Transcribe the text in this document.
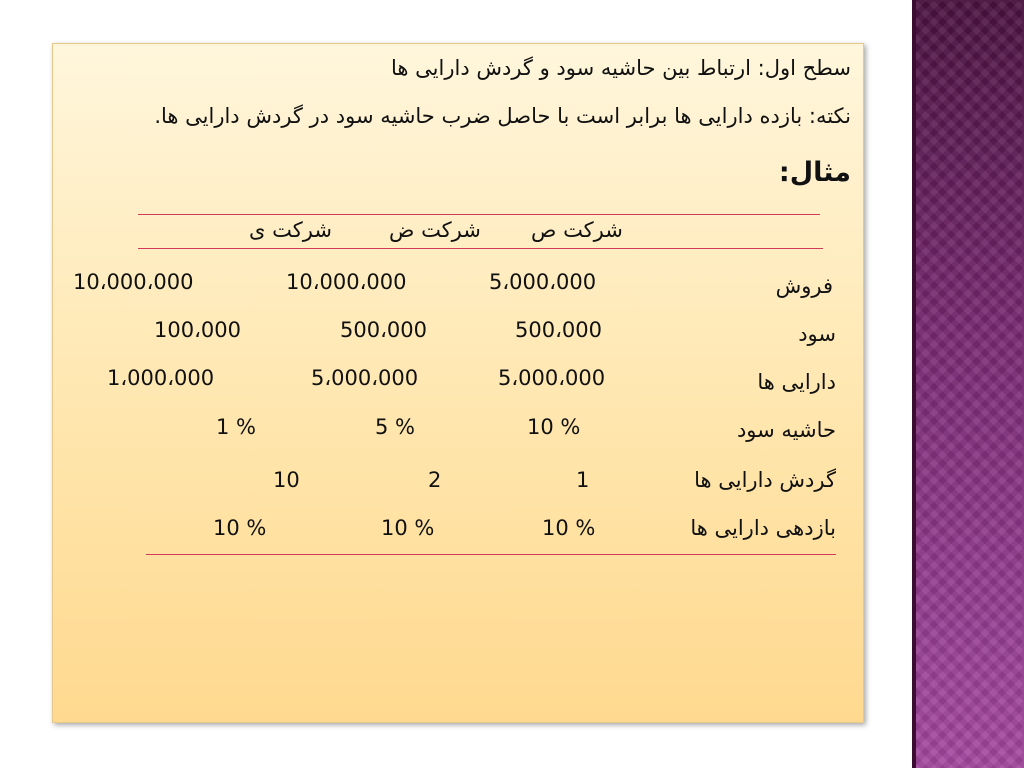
سطح اول: ارتباط بین حاشیه سود و گردش دارایی ها
نکته: بازده دارایی ها برابر است با حاصل ضرب حاشیه سود در گردش دارایی ها.
مثال:
شرکت ص
شرکت ض
شرکت ی
فروش
5،000،000
10،000،000
10،000،000
سود
500،000
500،000
100،000
دارایی ها
5،000،000
5،000،000
1،000،000
حاشیه سود
10 %
5 %
1 %
گردش دارایی ها
1
2
10
بازدهی دارایی ها
10 %
10 %
10 %
